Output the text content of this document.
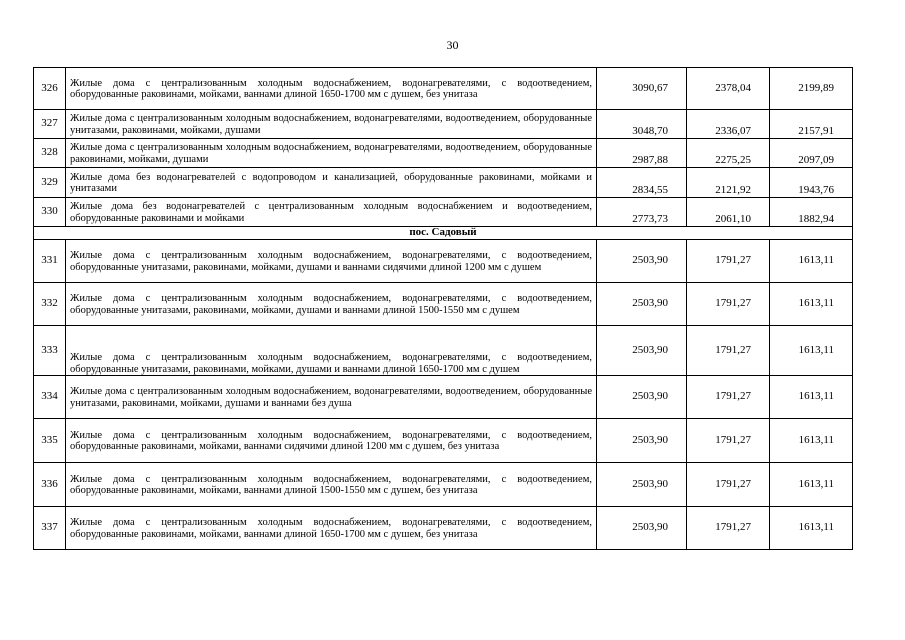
30
326	Жилые дома с централизованным холодным водоснабжением, водонагревателями, с водоотведением, оборудованные раковинами, мойками, ваннами длиной 1650-1700 мм с душем, без унитаза	3090,67	2378,04	2199,89
327	Жилые дома с централизованным холодным водоснабжением, водонагревателями, водоотведением, оборудованные унитазами, раковинами, мойками, душами	3048,70	2336,07	2157,91
328	Жилые дома с централизованным холодным водоснабжением, водонагревателями, водоотведением, оборудованные раковинами, мойками, душами	2987,88	2275,25	2097,09
329	Жилые дома без водонагревателей с водопроводом и канализацией, оборудованные раковинами, мойками и унитазами	2834,55	2121,92	1943,76
330	Жилые дома без водонагревателей с централизованным холодным водоснабжением и водоотведением, оборудованные раковинами и мойками	2773,73	2061,10	1882,94
пос. Садовый				
331	Жилые дома с централизованным холодным водоснабжением, водонагревателями, с водоотведением, оборудованные унитазами, раковинами, мойками, душами и ваннами сидячими длиной 1200 мм с душем	2503,90	1791,27	1613,11
332	Жилые дома с централизованным холодным водоснабжением, водонагревателями, с водоотведением, оборудованные унитазами, раковинами, мойками, душами и ваннами длиной 1500-1550 мм с душем	2503,90	1791,27	1613,11
333	Жилые дома с централизованным холодным водоснабжением, водонагревателями, с водоотведением, оборудованные унитазами, раковинами, мойками, душами и ваннами длиной 1650-1700 мм с душем	2503,90	1791,27	1613,11
334	Жилые дома с централизованным холодным водоснабжением, водонагревателями, водоотведением, оборудованные унитазами, раковинами, мойками, душами и ваннами без душа	2503,90	1791,27	1613,11
335	Жилые дома с централизованным холодным водоснабжением, водонагревателями, с водоотведением, оборудованные раковинами, мойками, ваннами сидячими длиной 1200 мм с душем, без унитаза	2503,90	1791,27	1613,11
336	Жилые дома с централизованным холодным водоснабжением, водонагревателями, с водоотведением, оборудованные раковинами, мойками, ваннами длиной 1500-1550 мм с душем, без унитаза	2503,90	1791,27	1613,11
337	Жилые дома с централизованным холодным водоснабжением, водонагревателями, с водоотведением, оборудованные раковинами, мойками, ваннами длиной 1650-1700 мм с душем, без унитаза	2503,90	1791,27	1613,11
